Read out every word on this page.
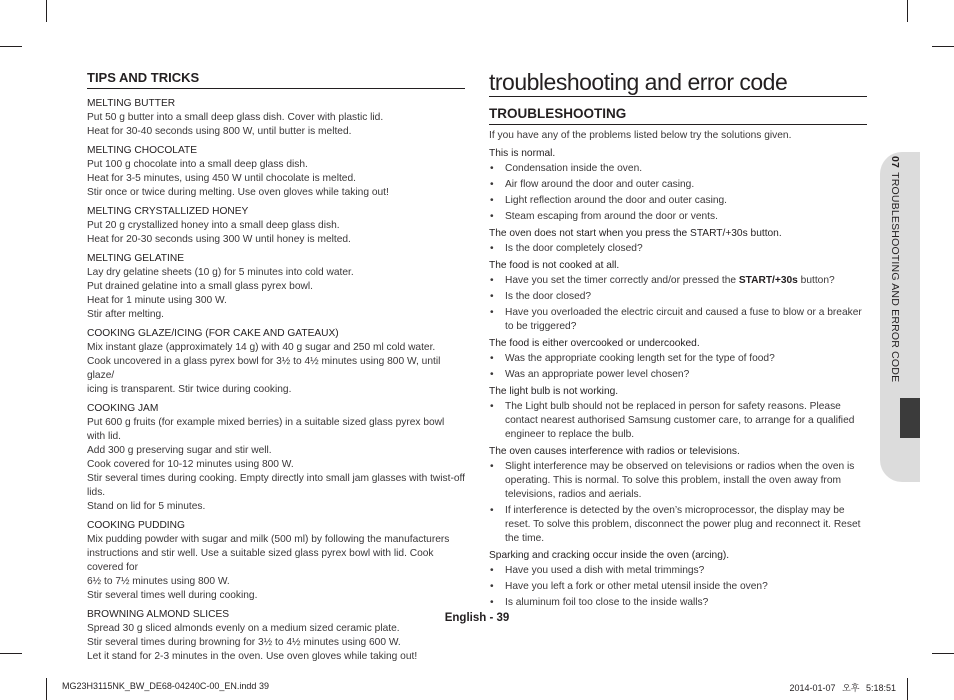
TIPS AND TRICKS
MELTING BUTTER
Put 50 g butter into a small deep glass dish. Cover with plastic lid.
Heat for 30-40 seconds using 800 W, until butter is melted.
MELTING CHOCOLATE
Put 100 g chocolate into a small deep glass dish.
Heat for 3-5 minutes, using 450 W until chocolate is melted.
Stir once or twice during melting. Use oven gloves while taking out!
MELTING CRYSTALLIZED HONEY
Put 20 g crystallized honey into a small deep glass dish.
Heat for 20-30 seconds using 300 W until honey is melted.
MELTING GELATINE
Lay dry gelatine sheets (10 g) for 5 minutes into cold water.
Put drained gelatine into a small glass pyrex bowl.
Heat for 1 minute using 300 W.
Stir after melting.
COOKING GLAZE/ICING (FOR CAKE AND GATEAUX)
Mix instant glaze (approximately 14 g) with 40 g sugar and 250 ml cold water.
Cook uncovered in a glass pyrex bowl for 3½ to 4½ minutes using 800 W, until glaze/
icing is transparent. Stir twice during cooking.
COOKING JAM
Put 600 g fruits (for example mixed berries) in a suitable sized glass pyrex bowl with lid.
Add 300 g preserving sugar and stir well.
Cook covered for 10-12 minutes using 800 W.
Stir several times during cooking. Empty directly into small jam glasses with twist-off lids.
Stand on lid for 5 minutes.
COOKING PUDDING
Mix pudding powder with sugar and milk (500 ml) by following the manufacturers
instructions and stir well. Use a suitable sized glass pyrex bowl with lid. Cook covered for
6½ to 7½ minutes using 800 W.
Stir several times well during cooking.
BROWNING ALMOND SLICES
Spread 30 g sliced almonds evenly on a medium sized ceramic plate.
Stir several times during browning for 3½ to 4½ minutes using 600 W.
Let it stand for 2-3 minutes in the oven. Use oven gloves while taking out!
troubleshooting and error code
TROUBLESHOOTING
If you have any of the problems listed below try the solutions given.
This is normal.
• Condensation inside the oven.
• Air flow around the door and outer casing.
• Light reflection around the door and outer casing.
• Steam escaping from around the door or vents.
The oven does not start when you press the START/+30s button.
• Is the door completely closed?
The food is not cooked at all.
• Have you set the timer correctly and/or pressed the START/+30s button?
• Is the door closed?
• Have you overloaded the electric circuit and caused a fuse to blow or a breaker to be triggered?
The food is either overcooked or undercooked.
• Was the appropriate cooking length set for the type of food?
• Was an appropriate power level chosen?
The light bulb is not working.
• The Light bulb should not be replaced in person for safety reasons. Please contact nearest authorised Samsung customer care, to arrange for a qualified engineer to replace the bulb.
The oven causes interference with radios or televisions.
• Slight interference may be observed on televisions or radios when the oven is operating. This is normal. To solve this problem, install the oven away from televisions, radios and aerials.
• If interference is detected by the oven’s microprocessor, the display may be reset. To solve this problem, disconnect the power plug and reconnect it. Reset the time.
Sparking and cracking occur inside the oven (arcing).
• Have you used a dish with metal trimmings?
• Have you left a fork or other metal utensil inside the oven?
• Is aluminum foil too close to the inside walls?
07TROUBLESHOOTING AND ERROR CODE
English - 39
MG23H3115NK_BW_DE68-04240C-00_EN.indd 39	2014-01-07 오후 5:18:51
